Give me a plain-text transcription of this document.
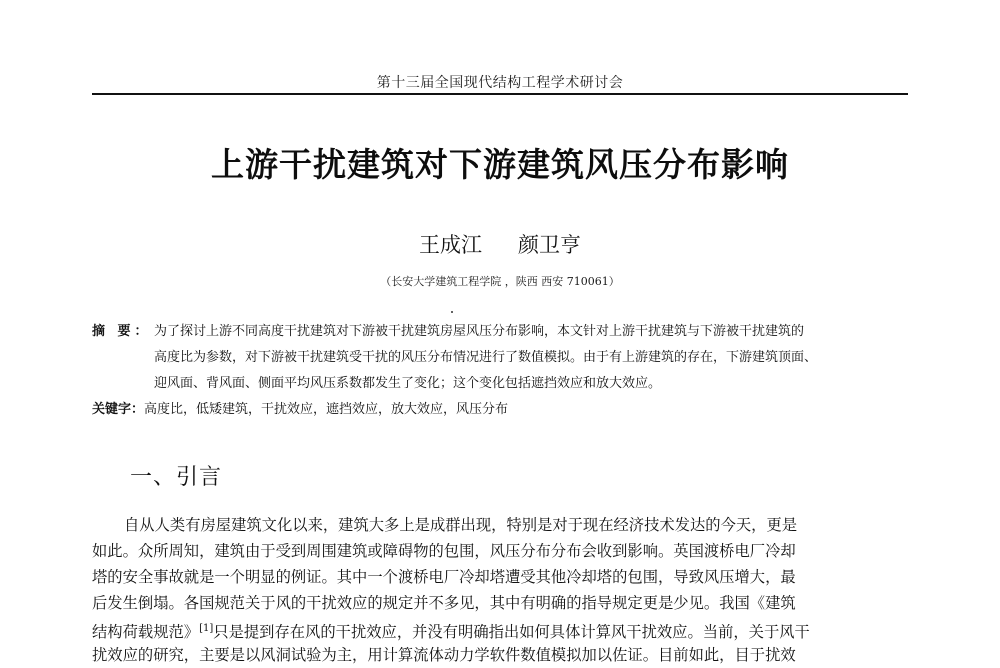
第十三届全国现代结构工程学术研讨会
上游干扰建筑对下游建筑风压分布影响
王成江 颜卫亨
（长安大学建筑工程学院 ，陕西 西安 710061）
摘 要： 为了探讨上游不同高度干扰建筑对下游被干扰建筑房屋风压分布影响，本文针对上游干扰建筑与下游被干扰建筑的
高度比为参数，对下游被干扰建筑受干扰的风压分布情况进行了数值模拟。由于有上游建筑的存在，下游建筑顶面、
迎风面、背风面、侧面平均风压系数都发生了变化；这个变化包括遮挡效应和放大效应。
关键字：高度比，低矮建筑，干扰效应，遮挡效应，放大效应，风压分布
一、引言
自从人类有房屋建筑文化以来，建筑大多上是成群出现，特别是对于现在经济技术发达的今天，更是
如此。众所周知，建筑由于受到周围建筑或障碍物的包围，风压分布分布会收到影响。英国渡桥电厂冷却
塔的安全事故就是一个明显的例证。其中一个渡桥电厂冷却塔遭受其他冷却塔的包围，导致风压增大，最
后发生倒塌。各国规范关于风的干扰效应的规定并不多见，其中有明确的指导规定更是少见。我国《建筑
结构荷载规范》[1]只是提到存在风的干扰效应，并没有明确指出如何具体计算风干扰效应。当前，关于风干
扰效应的研究，主要是以风洞试验为主，用计算流体动力学软件数值模拟加以佐证。目前如此，目于扰效
